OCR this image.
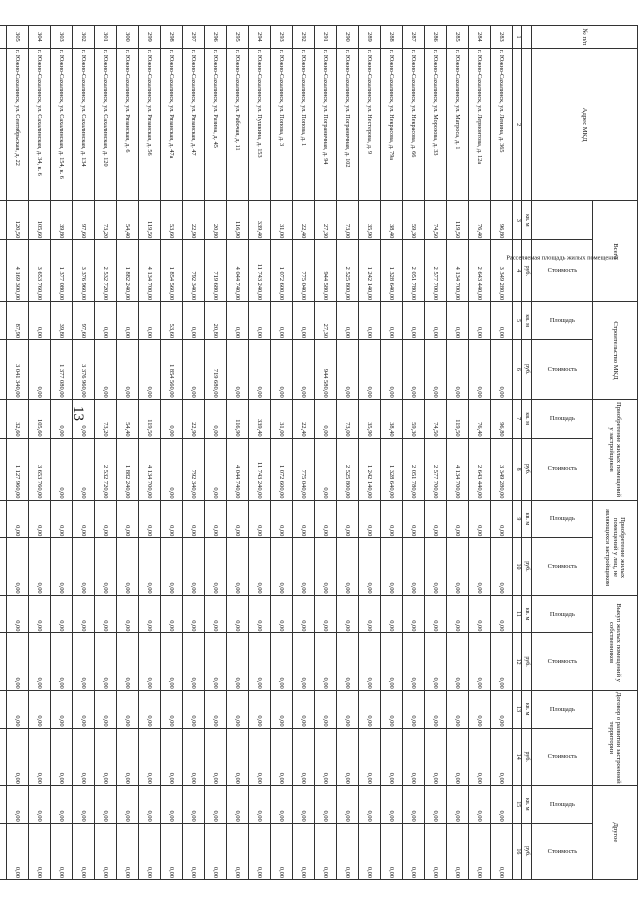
13
№ п/п	Адрес МКД	Всего		Строительство МКД		Приобретение жилых помещений у застройщиков		Приобретение жилых помещений у лиц, не являющихся застройщиком		Выкуп жилых помещений у собственников		Договор о развитии застроенной территории		Другое	
		Расселяемая площадь жилых помещений	Стоимость	Площадь	Стоимость	Площадь	Стоимость	Площадь	Стоимость	Площадь	Стоимость	Площадь	Стоимость	Площадь	Стоимость
		кв. м	руб.	кв. м	руб.	кв. м	руб.	кв. м	руб.	кв. м	руб.	кв. м	руб.	кв. м	руб.
1	2	3	4	5	6	7	8	9	10	11	12	13	14	15	16
283	г. Южно-Сахалинск, ул. Ленина, д. 365	96,80	3 349 280,00	0,00	0,00	96,80	3 349 280,00	0,00	0,00	0,00	0,00	0,00	0,00	0,00	0,00
284	г. Южно-Сахалинск, ул. Лермонтова, д. 12а	76,40	2 643 440,00	0,00	0,00	76,40	2 643 440,00	0,00	0,00	0,00	0,00	0,00	0,00	0,00	0,00
285	г. Южно-Сахалинск, ул. Матроса, д. 1	119,50	4 134 700,00	0,00	0,00	119,50	4 134 700,00	0,00	0,00	0,00	0,00	0,00	0,00	0,00	0,00
286	г. Южно-Сахалинск, ул. Морозова, д. 33	74,50	2 577 700,00	0,00	0,00	74,50	2 577 700,00	0,00	0,00	0,00	0,00	0,00	0,00	0,00	0,00
287	г. Южно-Сахалинск, ул. Некрасова, д. 66	59,30	2 051 780,00	0,00	0,00	59,30	2 051 780,00	0,00	0,00	0,00	0,00	0,00	0,00	0,00	0,00
288	г. Южно-Сахалинск, ул. Некрасова, д. 79а	38,40	1 328 640,00	0,00	0,00	38,40	1 328 640,00	0,00	0,00	0,00	0,00	0,00	0,00	0,00	0,00
289	г. Южно-Сахалинск, ул. Нестерова, д. 9	35,90	1 242 140,00	0,00	0,00	35,90	1 242 140,00	0,00	0,00	0,00	0,00	0,00	0,00	0,00	0,00
290	г. Южно-Сахалинск, ул. Пограничная, д. 102	73,00	2 525 800,00	0,00	0,00	73,00	2 525 800,00	0,00	0,00	0,00	0,00	0,00	0,00	0,00	0,00
291	г. Южно-Сахалинск, ул. Пограничная, д. 94	27,30	944 580,00	27,30	944 580,00	0,00	0,00	0,00	0,00	0,00	0,00	0,00	0,00	0,00	0,00
292	г. Южно-Сахалинск, ул. Попова, д. 1	22,40	775 040,00	0,00	0,00	22,40	775 040,00	0,00	0,00	0,00	0,00	0,00	0,00	0,00	0,00
293	г. Южно-Сахалинск, ул. Попова, д. 3	31,00	1 072 600,00	0,00	0,00	31,00	1 072 600,00	0,00	0,00	0,00	0,00	0,00	0,00	0,00	0,00
294	г. Южно-Сахалинск, ул. Пушкина, д. 153	339,40	11 743 240,00	0,00	0,00	339,40	11 743 240,00	0,00	0,00	0,00	0,00	0,00	0,00	0,00	0,00
295	г. Южно-Сахалинск, ул. Рабочая, д. 11	116,90	4 044 740,00	0,00	0,00	116,90	4 044 740,00	0,00	0,00	0,00	0,00	0,00	0,00	0,00	0,00
296	г. Южно-Сахалинск, ул. Разина, д. 45	20,80	719 680,00	20,80	719 680,00	0,00	0,00	0,00	0,00	0,00	0,00	0,00	0,00	0,00	0,00
297	г. Южно-Сахалинск, ул. Рязанская, д. 47	22,90	792 340,00	0,00	0,00	22,90	792 340,00	0,00	0,00	0,00	0,00	0,00	0,00	0,00	0,00
298	г. Южно-Сахалинск, ул. Рязанская, д. 47а	53,60	1 854 560,00	53,60	1 854 560,00	0,00	0,00	0,00	0,00	0,00	0,00	0,00	0,00	0,00	0,00
299	г. Южно-Сахалинск, ул. Рязанская, д. 56	119,50	4 134 700,00	0,00	0,00	119,50	4 134 700,00	0,00	0,00	0,00	0,00	0,00	0,00	0,00	0,00
300	г. Южно-Сахалинск, ул. Рязанская, д. 6	54,40	1 882 240,00	0,00	0,00	54,40	1 882 240,00	0,00	0,00	0,00	0,00	0,00	0,00	0,00	0,00
301	г. Южно-Сахалинск, ул. Сахалинская, д. 120	73,20	2 532 720,00	0,00	0,00	73,20	2 532 720,00	0,00	0,00	0,00	0,00	0,00	0,00	0,00	0,00
302	г. Южно-Сахалинск, ул. Сахалинская, д. 134	97,60	3 376 960,00	97,60	3 376 960,00	0,00	0,00	0,00	0,00	0,00	0,00	0,00	0,00	0,00	0,00
303	г. Южно-Сахалинск, ул. Сахалинская, д. 154, к. 6	39,80	1 377 080,00	39,80	1 377 080,00	0,00	0,00	0,00	0,00	0,00	0,00	0,00	0,00	0,00	0,00
304	г. Южно-Сахалинск, ул. Сахалинская, д. 34, к. 6	105,60	3 653 760,00	0,00	0,00	105,60	3 653 760,00	0,00	0,00	0,00	0,00	0,00	0,00	0,00	0,00
305	г. Южно-Сахалинск, ул. Сентябрьская, д. 22	120,50	4 169 300,00	87,90	3 041 340,00	32,60	1 127 960,00	0,00	0,00	0,00	0,00	0,00	0,00	0,00	0,00
